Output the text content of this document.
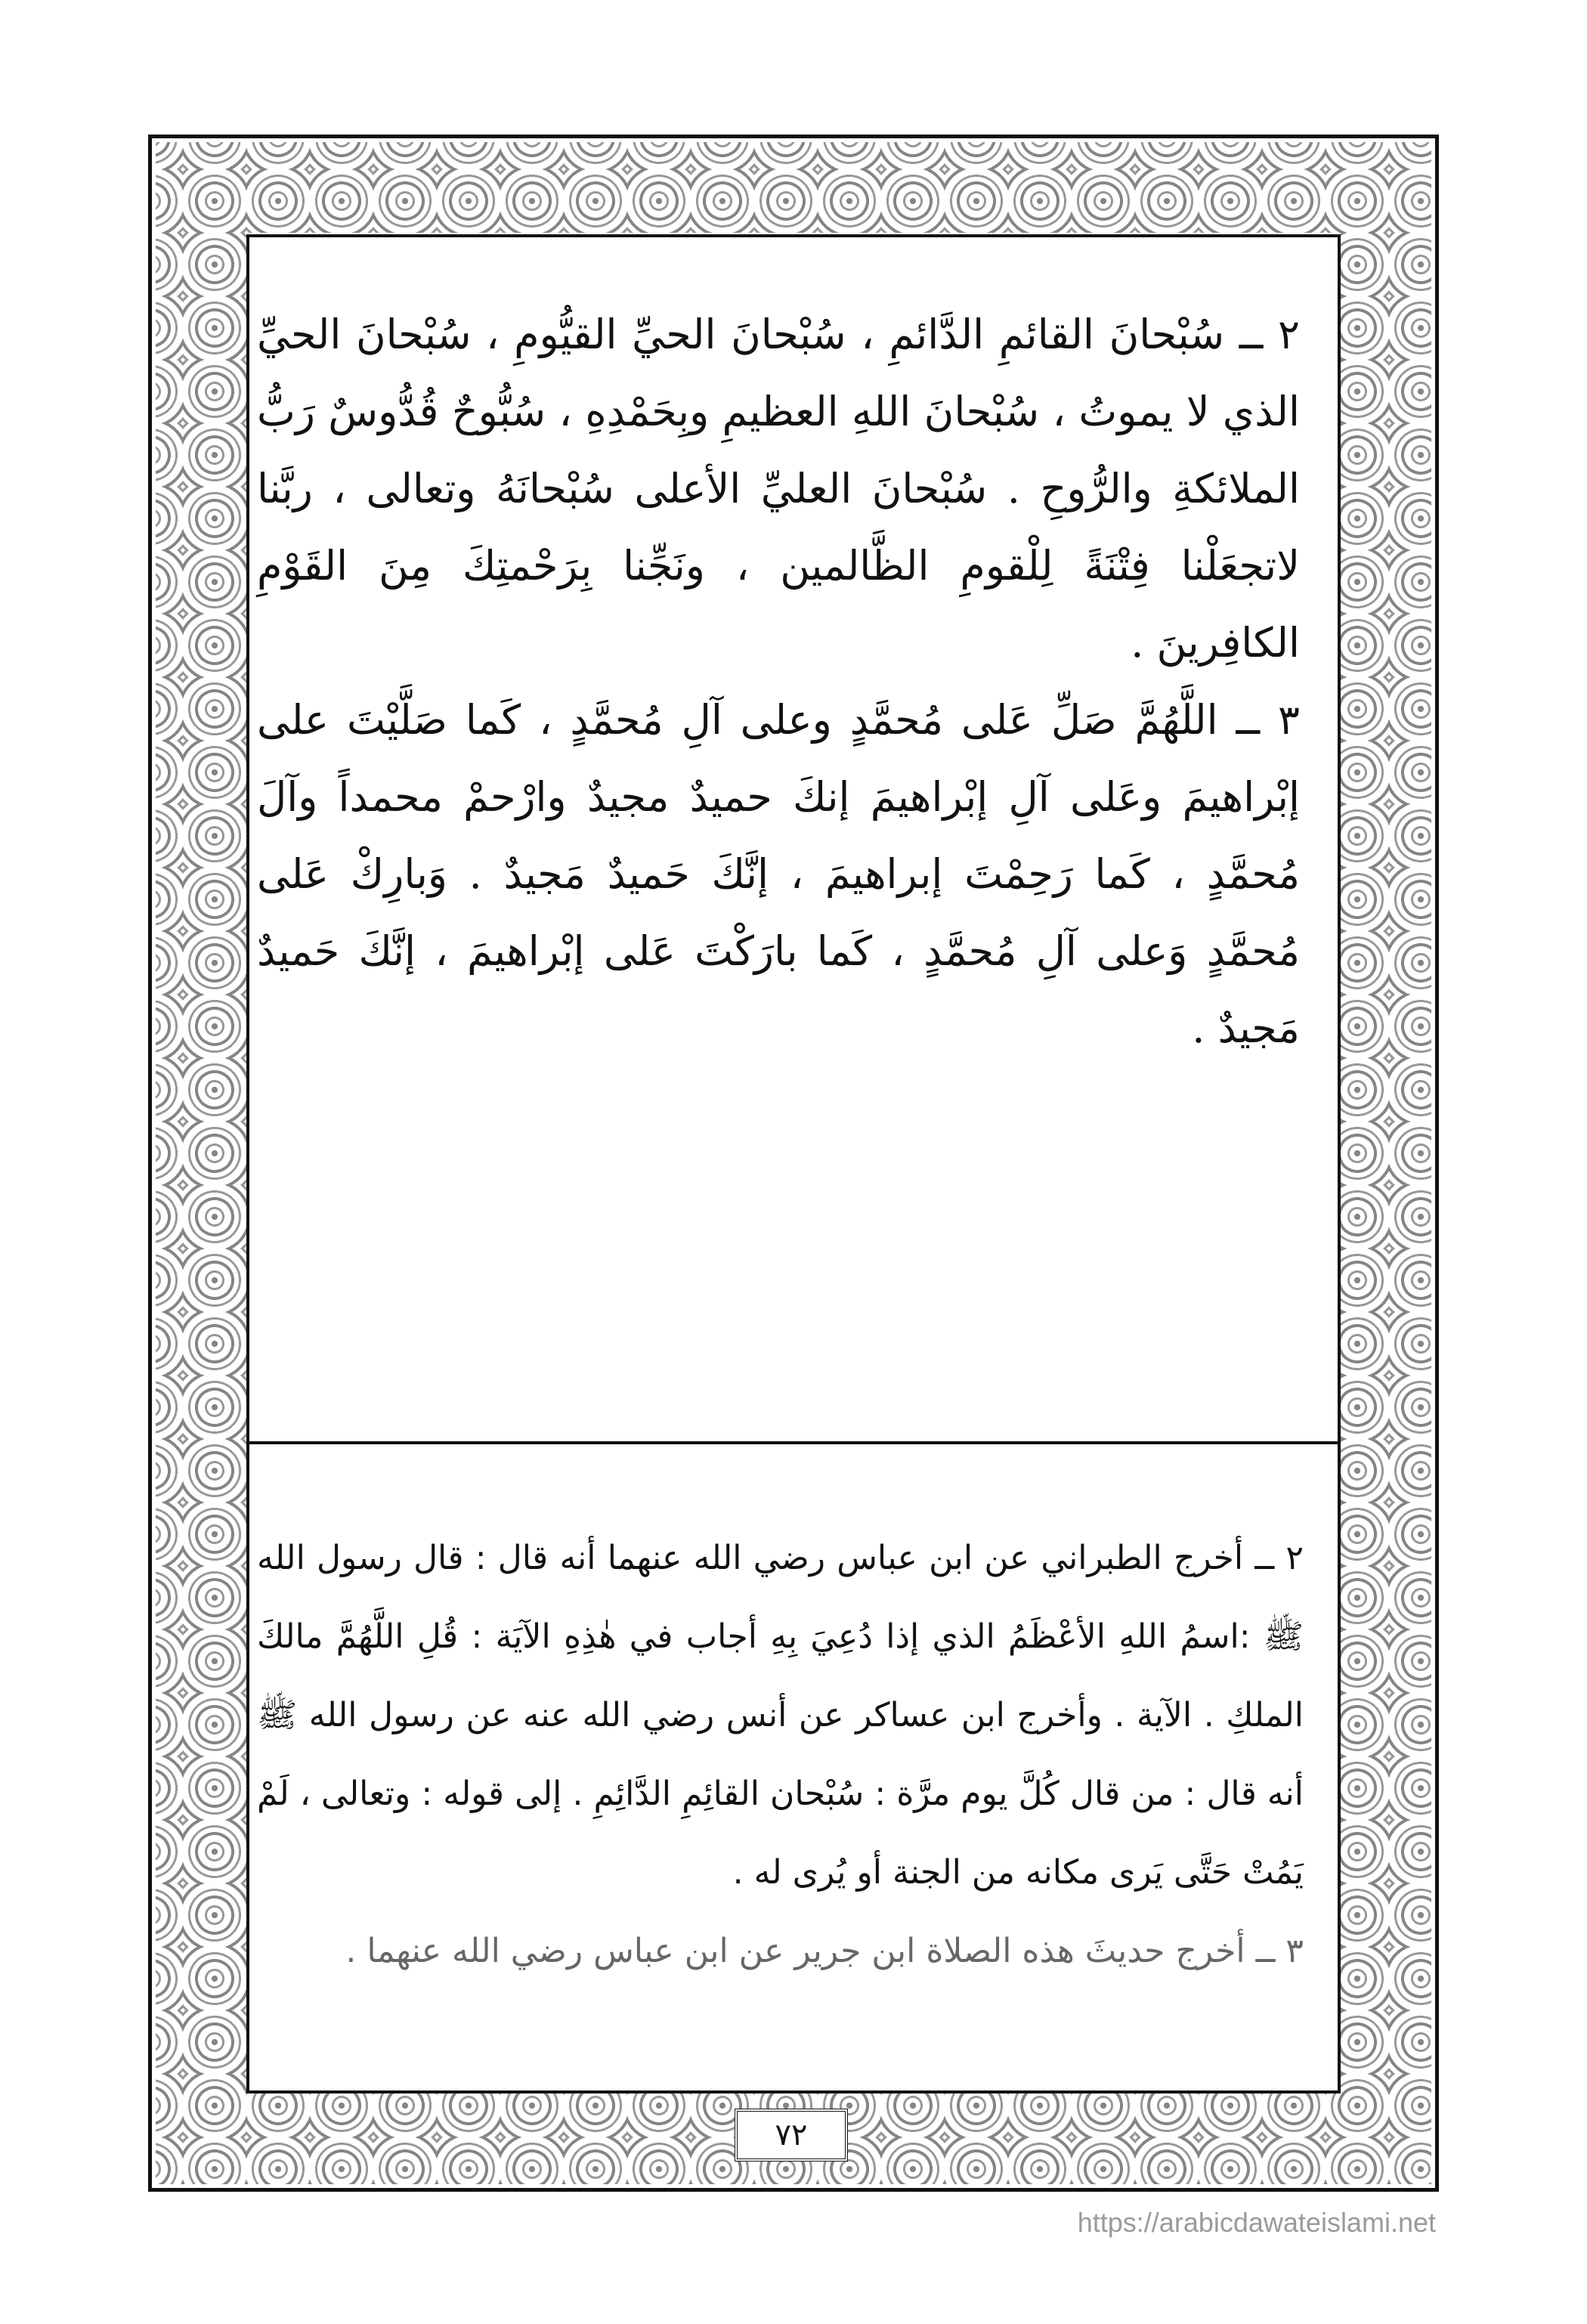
٢ ــ سُبْحانَ القائمِ الدَّائمِ ، سُبْحانَ الحيِّ القيُّومِ ، سُبْحانَ الحيِّ الذي لا يموتُ ، سُبْحانَ اللهِ العظيمِ وبِحَمْدِهِ ، سُبُّوحٌ قُدُّوسٌ رَبُّ الملائكةِ والرُّوحِ . سُبْحانَ العليِّ الأعلى سُبْحانَهُ وتعالى ، ربَّنا لاتجعَلْنا فِتْنَةً لِلْقومِ الظَّالمين ، ونَجِّنا بِرَحْمتِكَ مِنَ القَوْمِ الكافِرينَ .

٣ ــ اللَّهُمَّ صَلِّ عَلى مُحمَّدٍ وعلى آلِ مُحمَّدٍ ، كَما صَلَّيْتَ على إبْراهيمَ وعَلى آلِ إبْراهيمَ إنكَ حميدٌ مجيدٌ وارْحمْ محمداً وآلَ مُحمَّدٍ ، كَما رَحِمْتَ إبراهيمَ ، إنَّكَ حَميدٌ مَجيدٌ . وَبارِكْ عَلى مُحمَّدٍ وَعلى آلِ مُحمَّدٍ ، كَما بارَكْتَ عَلى إبْراهيمَ ، إنَّكَ حَميدٌ مَجيدٌ .

٢ ــ أخرج الطبراني عن ابن عباس رضي الله عنهما أنه قال : قال رسول الله ﷺ :اسمُ اللهِ الأعْظَمُ الذي إذا دُعِيَ بِهِ أجاب في هٰذِهِ الآيَة : قُلِ اللَّهُمَّ مالكَ الملكِ . الآية . وأخرج ابن عساكر عن أنس رضي الله عنه عن رسول الله ﷺ أنه قال : من قال كُلَّ يوم مرَّة : سُبْحان القائِمِ الدَّائِمِ . إلى قوله : وتعالى ، لَمْ يَمُتْ حَتَّى يَرى مكانه من الجنة أو يُرى له .

٣ ــ أخرج حديثَ هذه الصلاة ابن جرير عن ابن عباس رضي الله عنهما .

٧٢
https://arabicdawateislami.net
